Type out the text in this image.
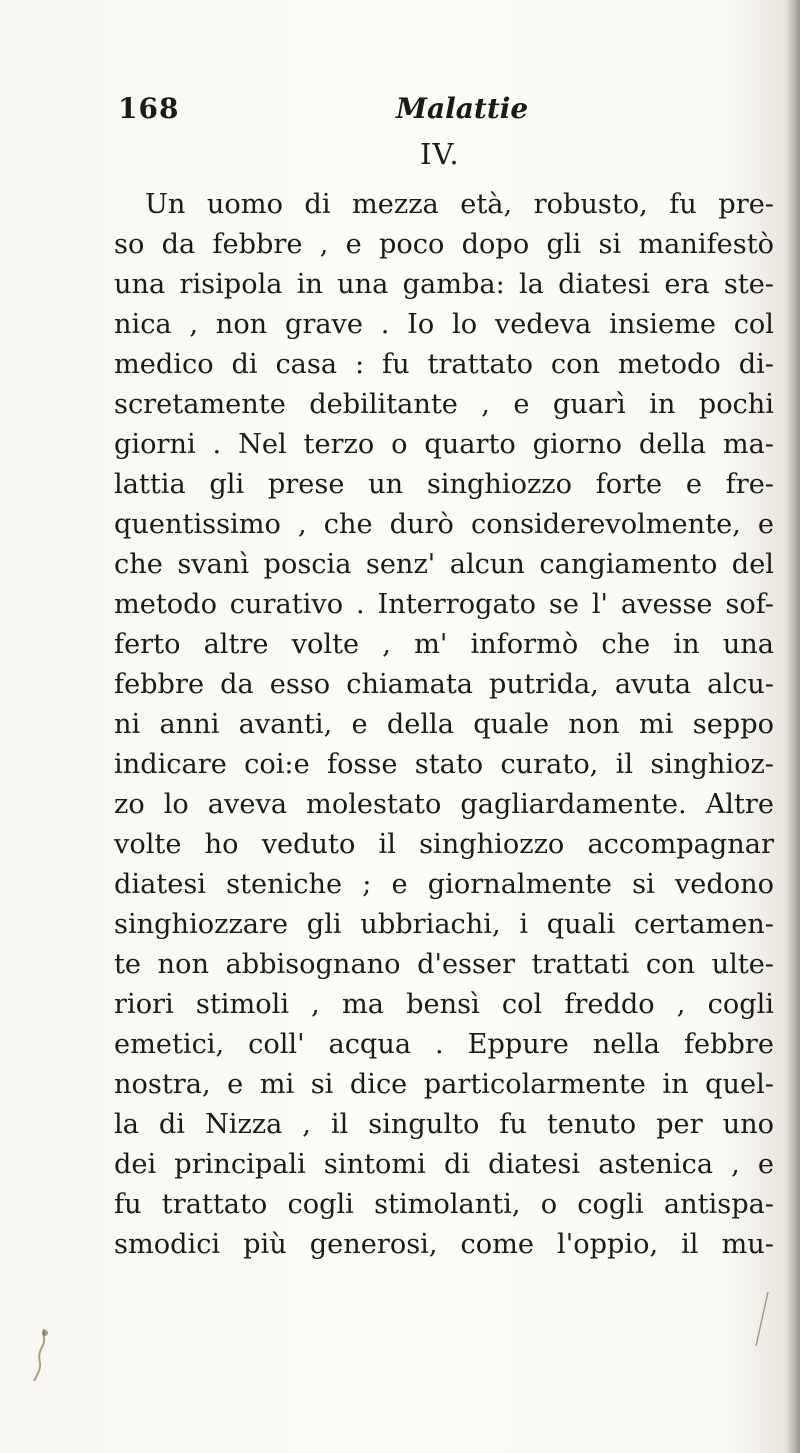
168	Malattie
IV.
Un uomo di mezza età, robusto, fu pre-
so da febbre , e poco dopo gli si manifestò
una risipola in una gamba: la diatesi era ste-
nica , non grave . Io lo vedeva insieme col
medico di casa : fu trattato con metodo di-
scretamente debilitante , e guarì in pochi
giorni . Nel terzo o quarto giorno della ma-
lattia gli prese un singhiozzo forte e fre-
quentissimo , che durò considerevolmente, e
che svanì poscia senz' alcun cangiamento del
metodo curativo . Interrogato se l' avesse sof-
ferto altre volte , m' informò che in una
febbre da esso chiamata putrida, avuta alcu-
ni anni avanti, e della quale non mi seppo
indicare coi:e fosse stato curato, il singhioz-
zo lo aveva molestato gagliardamente. Altre
volte ho veduto il singhiozzo accompagnar
diatesi steniche ; e giornalmente si vedono
singhiozzare gli ubbriachi, i quali certamen-
te non abbisognano d'esser trattati con ulte-
riori stimoli , ma bensì col freddo , cogli
emetici, coll' acqua . Eppure nella febbre
nostra, e mi si dice particolarmente in quel-
la di Nizza , il singulto fu tenuto per uno
dei principali sintomi di diatesi astenica , e
fu trattato cogli stimolanti, o cogli antispa-
smodici più generosi, come l'oppio, il mu-
